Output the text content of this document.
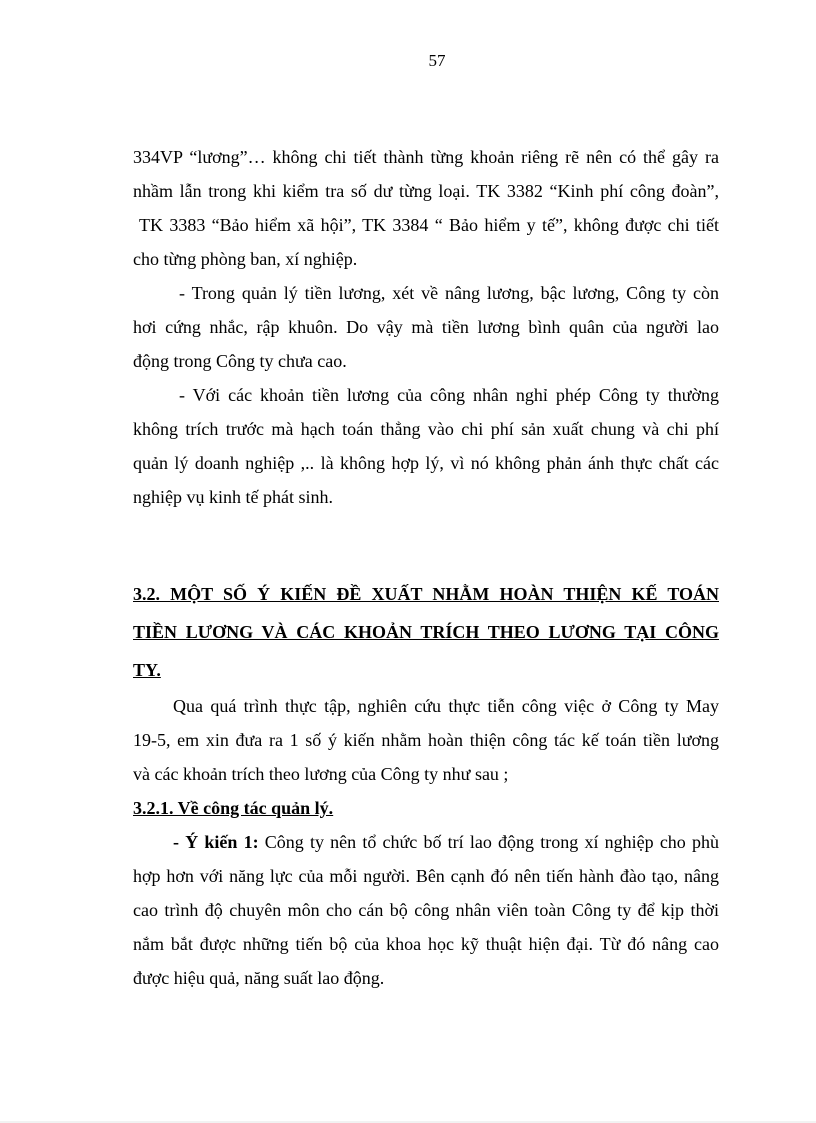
57
334VP “lương”… không chi tiết thành từng khoản riêng rẽ nên có thể gây ra
nhầm lẫn trong khi kiểm tra số dư từng loại. TK 3382 “Kinh phí công đoàn”,
TK 3383 “Bảo hiểm xã hội”, TK 3384 “ Bảo hiểm y tế”, không được chi tiết
cho từng phòng ban, xí nghiệp.
- Trong quản lý tiền lương, xét về nâng lương, bậc lương, Công ty còn
hơi cứng nhắc, rập khuôn. Do vậy mà tiền lương bình quân của người lao
động trong Công ty chưa cao.
- Với các khoản tiền lương của công nhân nghỉ phép Công ty thường
không trích trước mà hạch toán thẳng vào chi phí sản xuất chung và chi phí
quản lý doanh nghiệp ,.. là không hợp lý, vì nó không phản ánh thực chất các
nghiệp vụ kinh tế phát sinh.
3.2. MỘT SỐ Ý KIẾN ĐỀ XUẤT NHẰM HOÀN THIỆN KẾ TOÁN
TIỀN LƯƠNG VÀ CÁC KHOẢN TRÍCH THEO LƯƠNG TẠI CÔNG
TY.
Qua quá trình thực tập, nghiên cứu thực tiễn công việc ở Công ty May
19-5, em xin đưa ra 1 số ý kiến nhằm hoàn thiện công tác kế toán tiền lương
và các khoản trích theo lương của Công ty như sau ;
3.2.1. Về công tác quản lý.
- Ý kiến 1: Công ty nên tổ chức bố trí lao động trong xí nghiệp cho phù
hợp hơn với năng lực của mỗi người. Bên cạnh đó nên tiến hành đào tạo, nâng
cao trình độ chuyên môn cho cán bộ công nhân viên toàn Công ty để kịp thời
nắm bắt được những tiến bộ của khoa học kỹ thuật hiện đại. Từ đó nâng cao
được hiệu quả, năng suất lao động.
